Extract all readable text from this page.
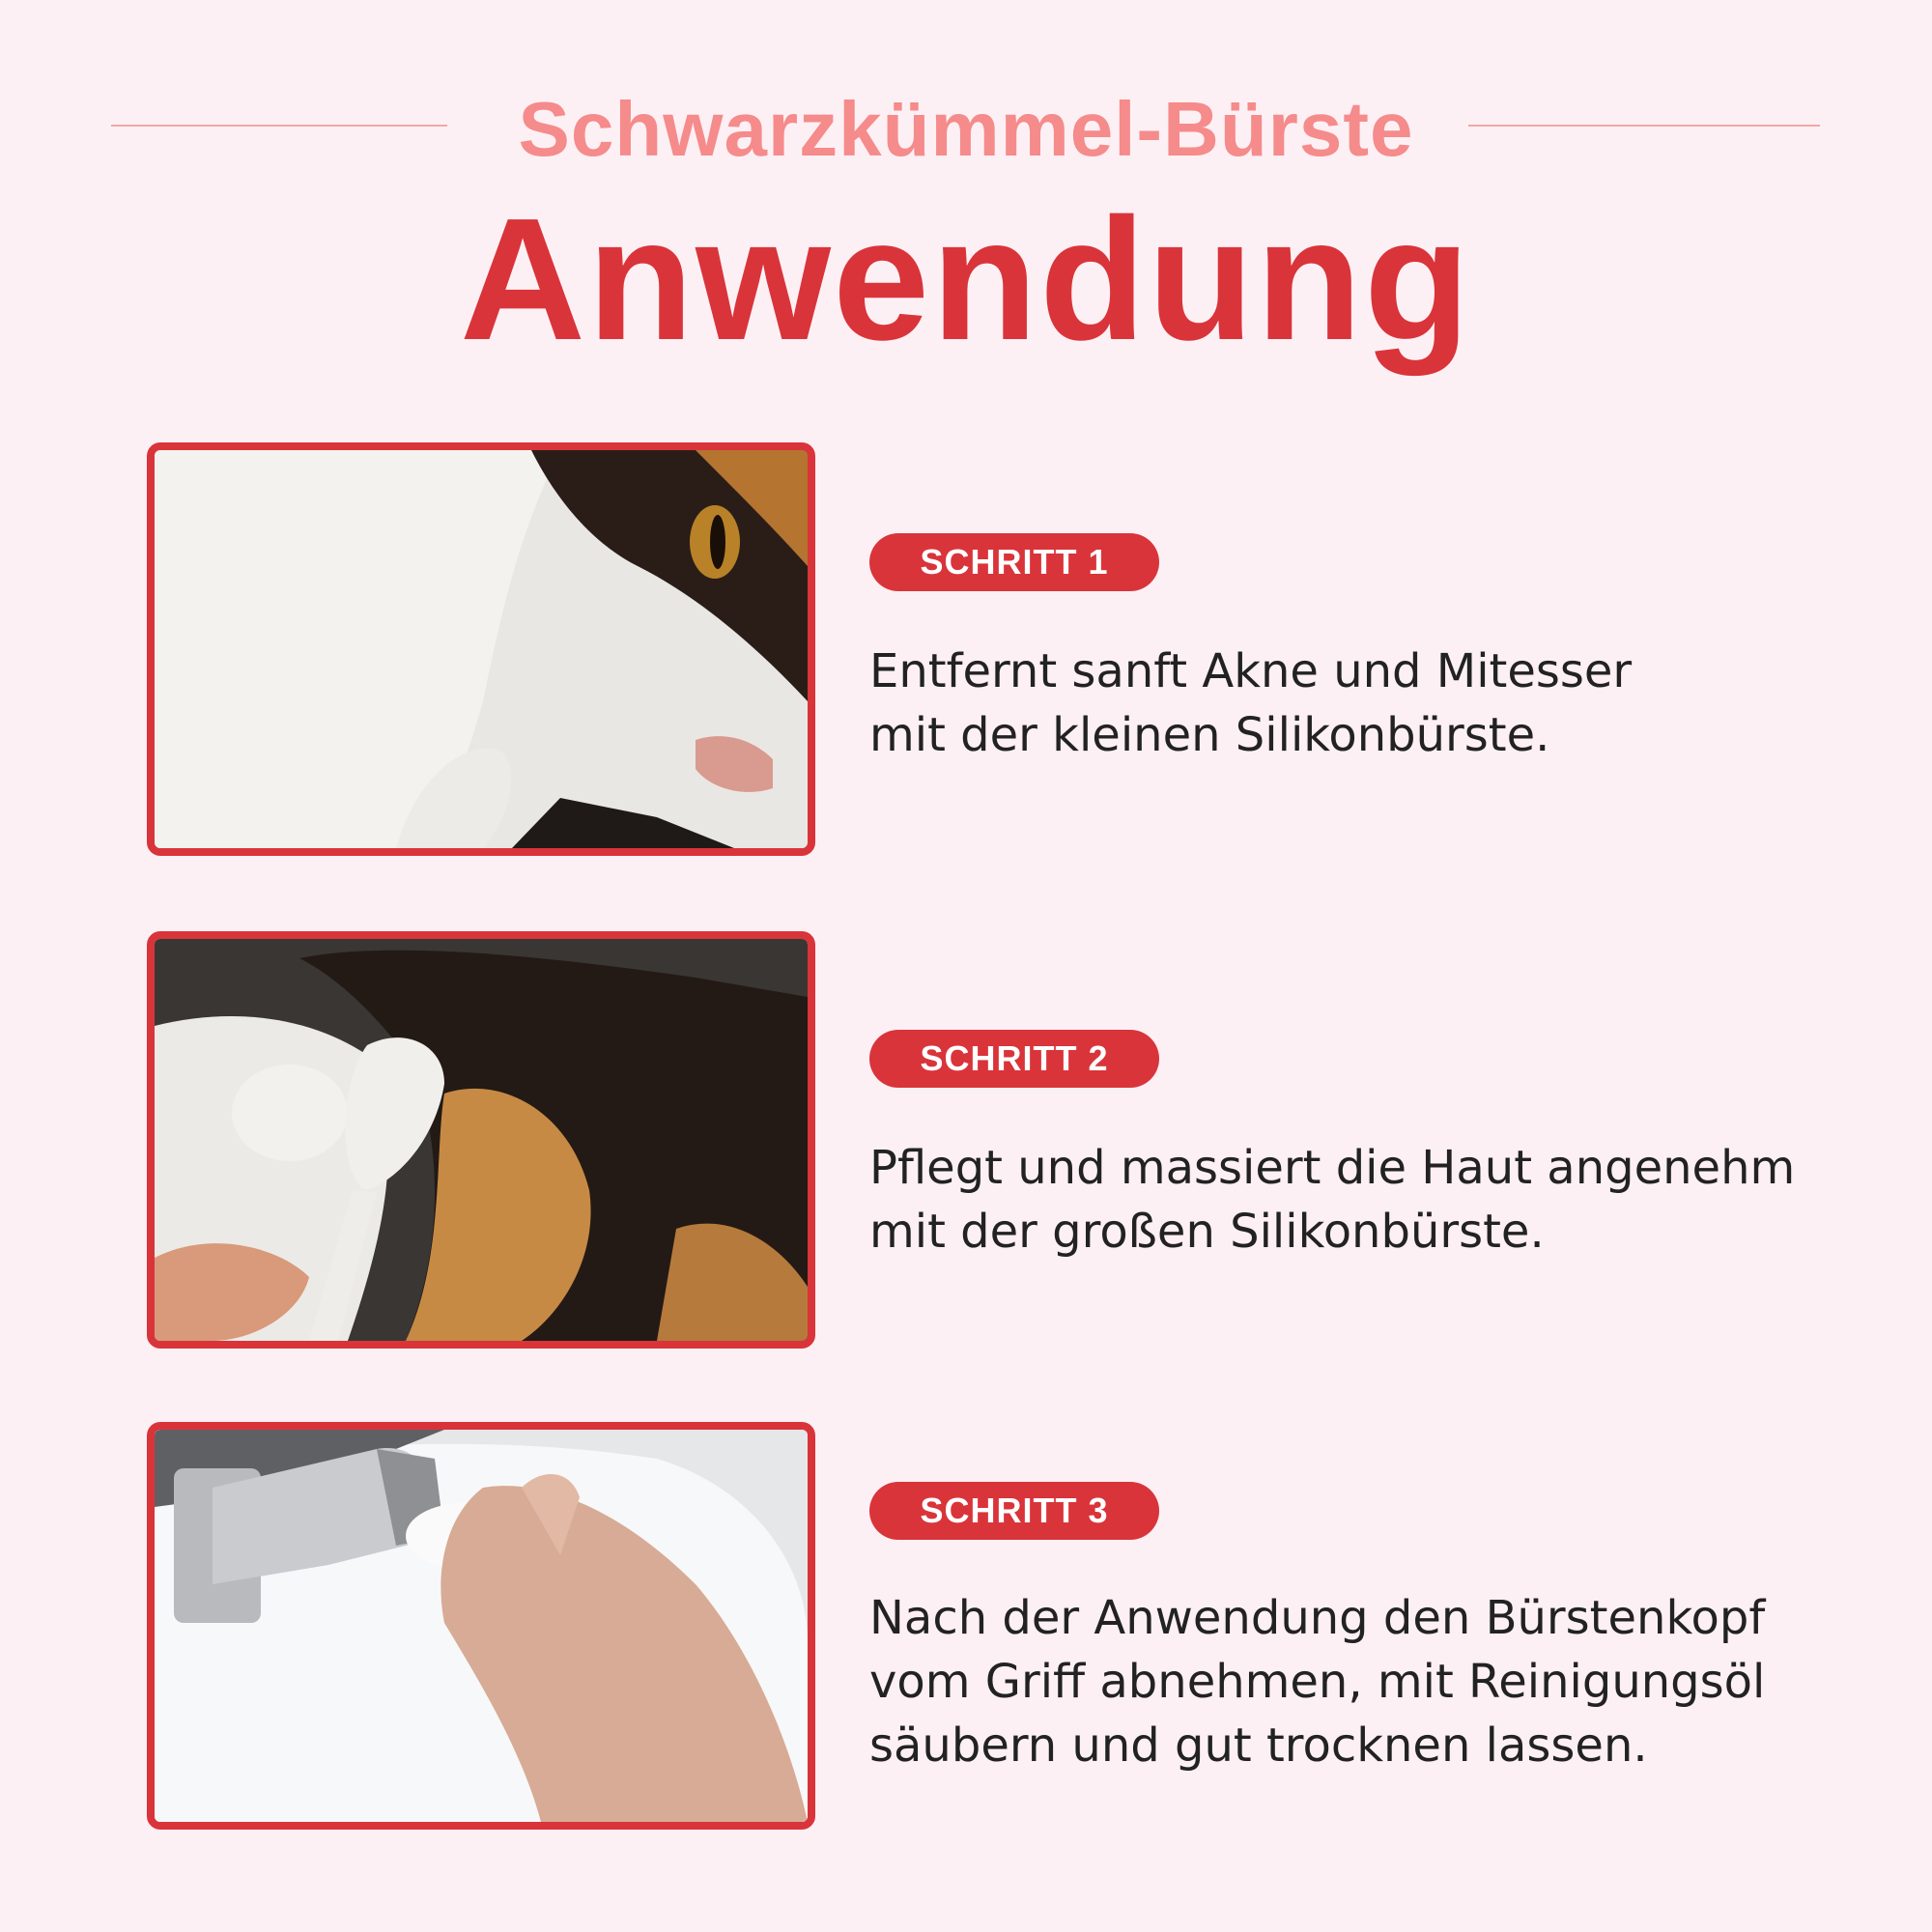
Schwarzkümmel-Bürste
Anwendung
SCHRITT 1
Entfernt sanft Akne und Mitesser
mit der kleinen Silikonbürste.
SCHRITT 2
Pflegt und massiert die Haut angenehm
mit der großen Silikonbürste.
SCHRITT 3
Nach der Anwendung den Bürstenkopf
vom Griff abnehmen, mit Reinigungsöl
säubern und gut trocknen lassen.
